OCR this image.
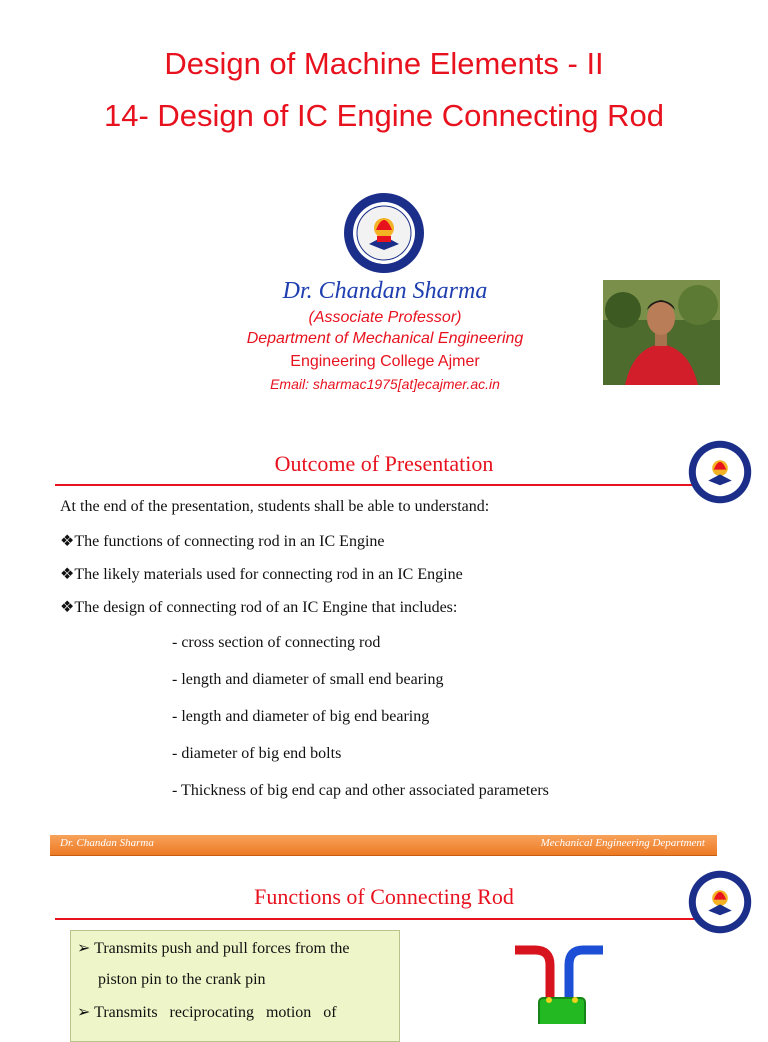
Design of Machine Elements - II
14- Design of IC Engine Connecting Rod
Dr. Chandan Sharma
(Associate Professor)
Department of Mechanical Engineering
Engineering College Ajmer
Email: sharmac1975[at]ecajmer.ac.in
Outcome of Presentation
At the end of the presentation, students shall be able to understand:
❖The functions of connecting rod in an IC Engine
❖The likely materials used for connecting rod in an IC Engine
❖The design of connecting rod of an IC Engine that includes:
- cross section of connecting rod
- length and diameter of small end bearing
- length and diameter of big end bearing
- diameter of big end bolts
- Thickness of big end cap and other associated parameters
Dr. Chandan Sharma	Mechanical Engineering Department
Functions of Connecting Rod
➢ Transmits push and pull forces from the
piston pin to the crank pin
➢ Transmits   reciprocating   motion   of
